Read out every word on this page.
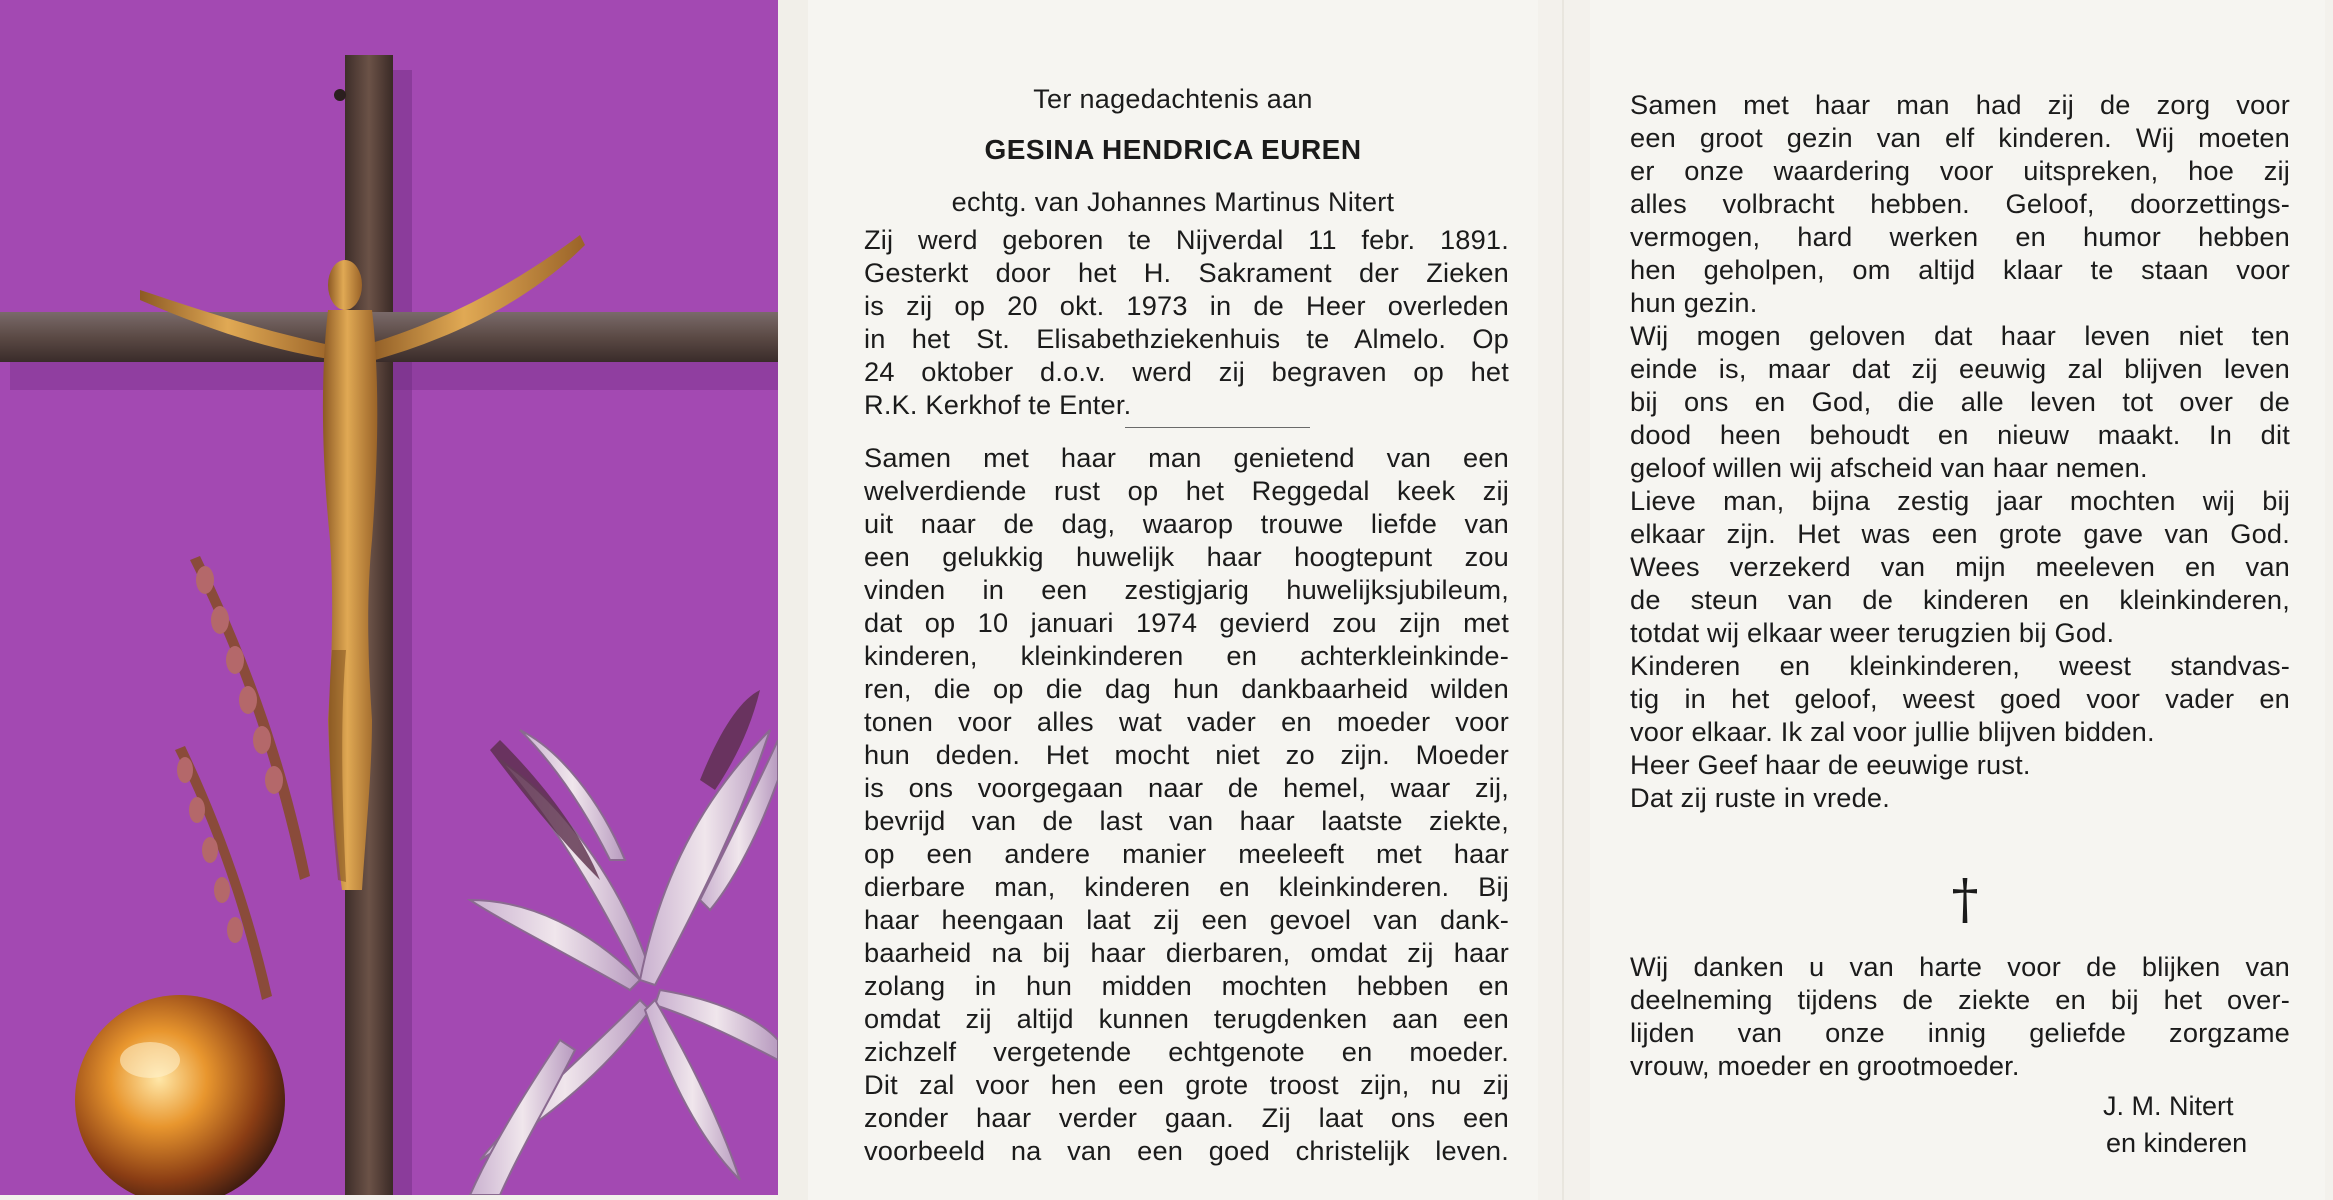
Ter nagedachtenis aan
GESINA HENDRICA EUREN
echtg. van Johannes Martinus Nitert
Zij werd geboren te Nijverdal 11 febr. 1891.
Gesterkt door het H. Sakrament der Zieken
is zij op 20 okt. 1973 in de Heer overleden
in het St. Elisabethziekenhuis te Almelo. Op
24 oktober d.o.v. werd zij begraven op het
R.K. Kerkhof te Enter.
Samen met haar man genietend van een
welverdiende rust op het Reggedal keek zij
uit naar de dag, waarop trouwe liefde van
een gelukkig huwelijk haar hoogtepunt zou
vinden in een zestigjarig huwelijksjubileum,
dat op 10 januari 1974 gevierd zou zijn met
kinderen, kleinkinderen en achterkleinkinde-
ren, die op die dag hun dankbaarheid wilden
tonen voor alles wat vader en moeder voor
hun deden. Het mocht niet zo zijn. Moeder
is ons voorgegaan naar de hemel, waar zij,
bevrijd van de last van haar laatste ziekte,
op een andere manier meeleeft met haar
dierbare man, kinderen en kleinkinderen. Bij
haar heengaan laat zij een gevoel van dank-
baarheid na bij haar dierbaren, omdat zij haar
zolang in hun midden mochten hebben en
omdat zij altijd kunnen terugdenken aan een
zichzelf vergetende echtgenote en moeder.
Dit zal voor hen een grote troost zijn, nu zij
zonder haar verder gaan. Zij laat ons een
voorbeeld na van een goed christelijk leven.
Samen met haar man had zij de zorg voor
een groot gezin van elf kinderen. Wij moeten
er onze waardering voor uitspreken, hoe zij
alles volbracht hebben. Geloof, doorzettings-
vermogen, hard werken en humor hebben
hen geholpen, om altijd klaar te staan voor
hun gezin.
Wij mogen geloven dat haar leven niet ten
einde is, maar dat zij eeuwig zal blijven leven
bij ons en God, die alle leven tot over de
dood heen behoudt en nieuw maakt. In dit
geloof willen wij afscheid van haar nemen.
Lieve man, bijna zestig jaar mochten wij bij
elkaar zijn. Het was een grote gave van God.
Wees verzekerd van mijn meeleven en van
de steun van de kinderen en kleinkinderen,
totdat wij elkaar weer terugzien bij God.
Kinderen en kleinkinderen, weest standvas-
tig in het geloof, weest goed voor vader en
voor elkaar. Ik zal voor jullie blijven bidden.
Heer Geef haar de eeuwige rust.
Dat zij ruste in vrede.
†
Wij danken u van harte voor de blijken van
deelneming tijdens de ziekte en bij het over-
lijden van onze innig geliefde zorgzame
vrouw, moeder en grootmoeder.
J. M. Nitert
en kinderen
